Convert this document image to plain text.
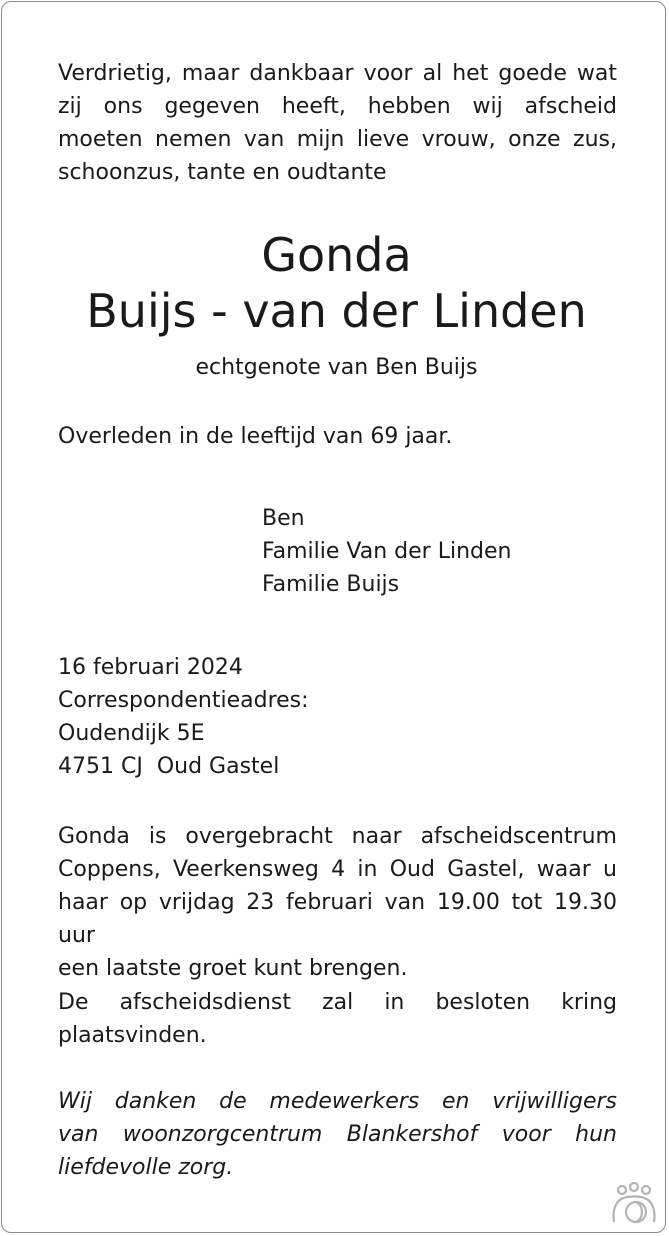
Verdrietig, maar dankbaar voor al het goede wat
zij ons gegeven heeft, hebben wij afscheid
moeten nemen van mijn lieve vrouw, onze zus,
schoonzus, tante en oudtante

Gonda
Buijs - van der Linden
echtgenote van Ben Buijs

Overleden in de leeftijd van 69 jaar.

Ben
Familie Van der Linden
Familie Buijs

16 februari 2024
Correspondentieadres:
Oudendijk 5E
4751 CJ  Oud Gastel

Gonda is overgebracht naar afscheidscentrum
Coppens, Veerkensweg 4 in Oud Gastel, waar u
haar op vrijdag 23 februari van 19.00 tot 19.30 uur
een laatste groet kunt brengen.

De afscheidsdienst zal in besloten kring
plaatsvinden.

Wij danken de medewerkers en vrijwilligers
van woonzorgcentrum Blankershof voor hun
liefdevolle zorg.
